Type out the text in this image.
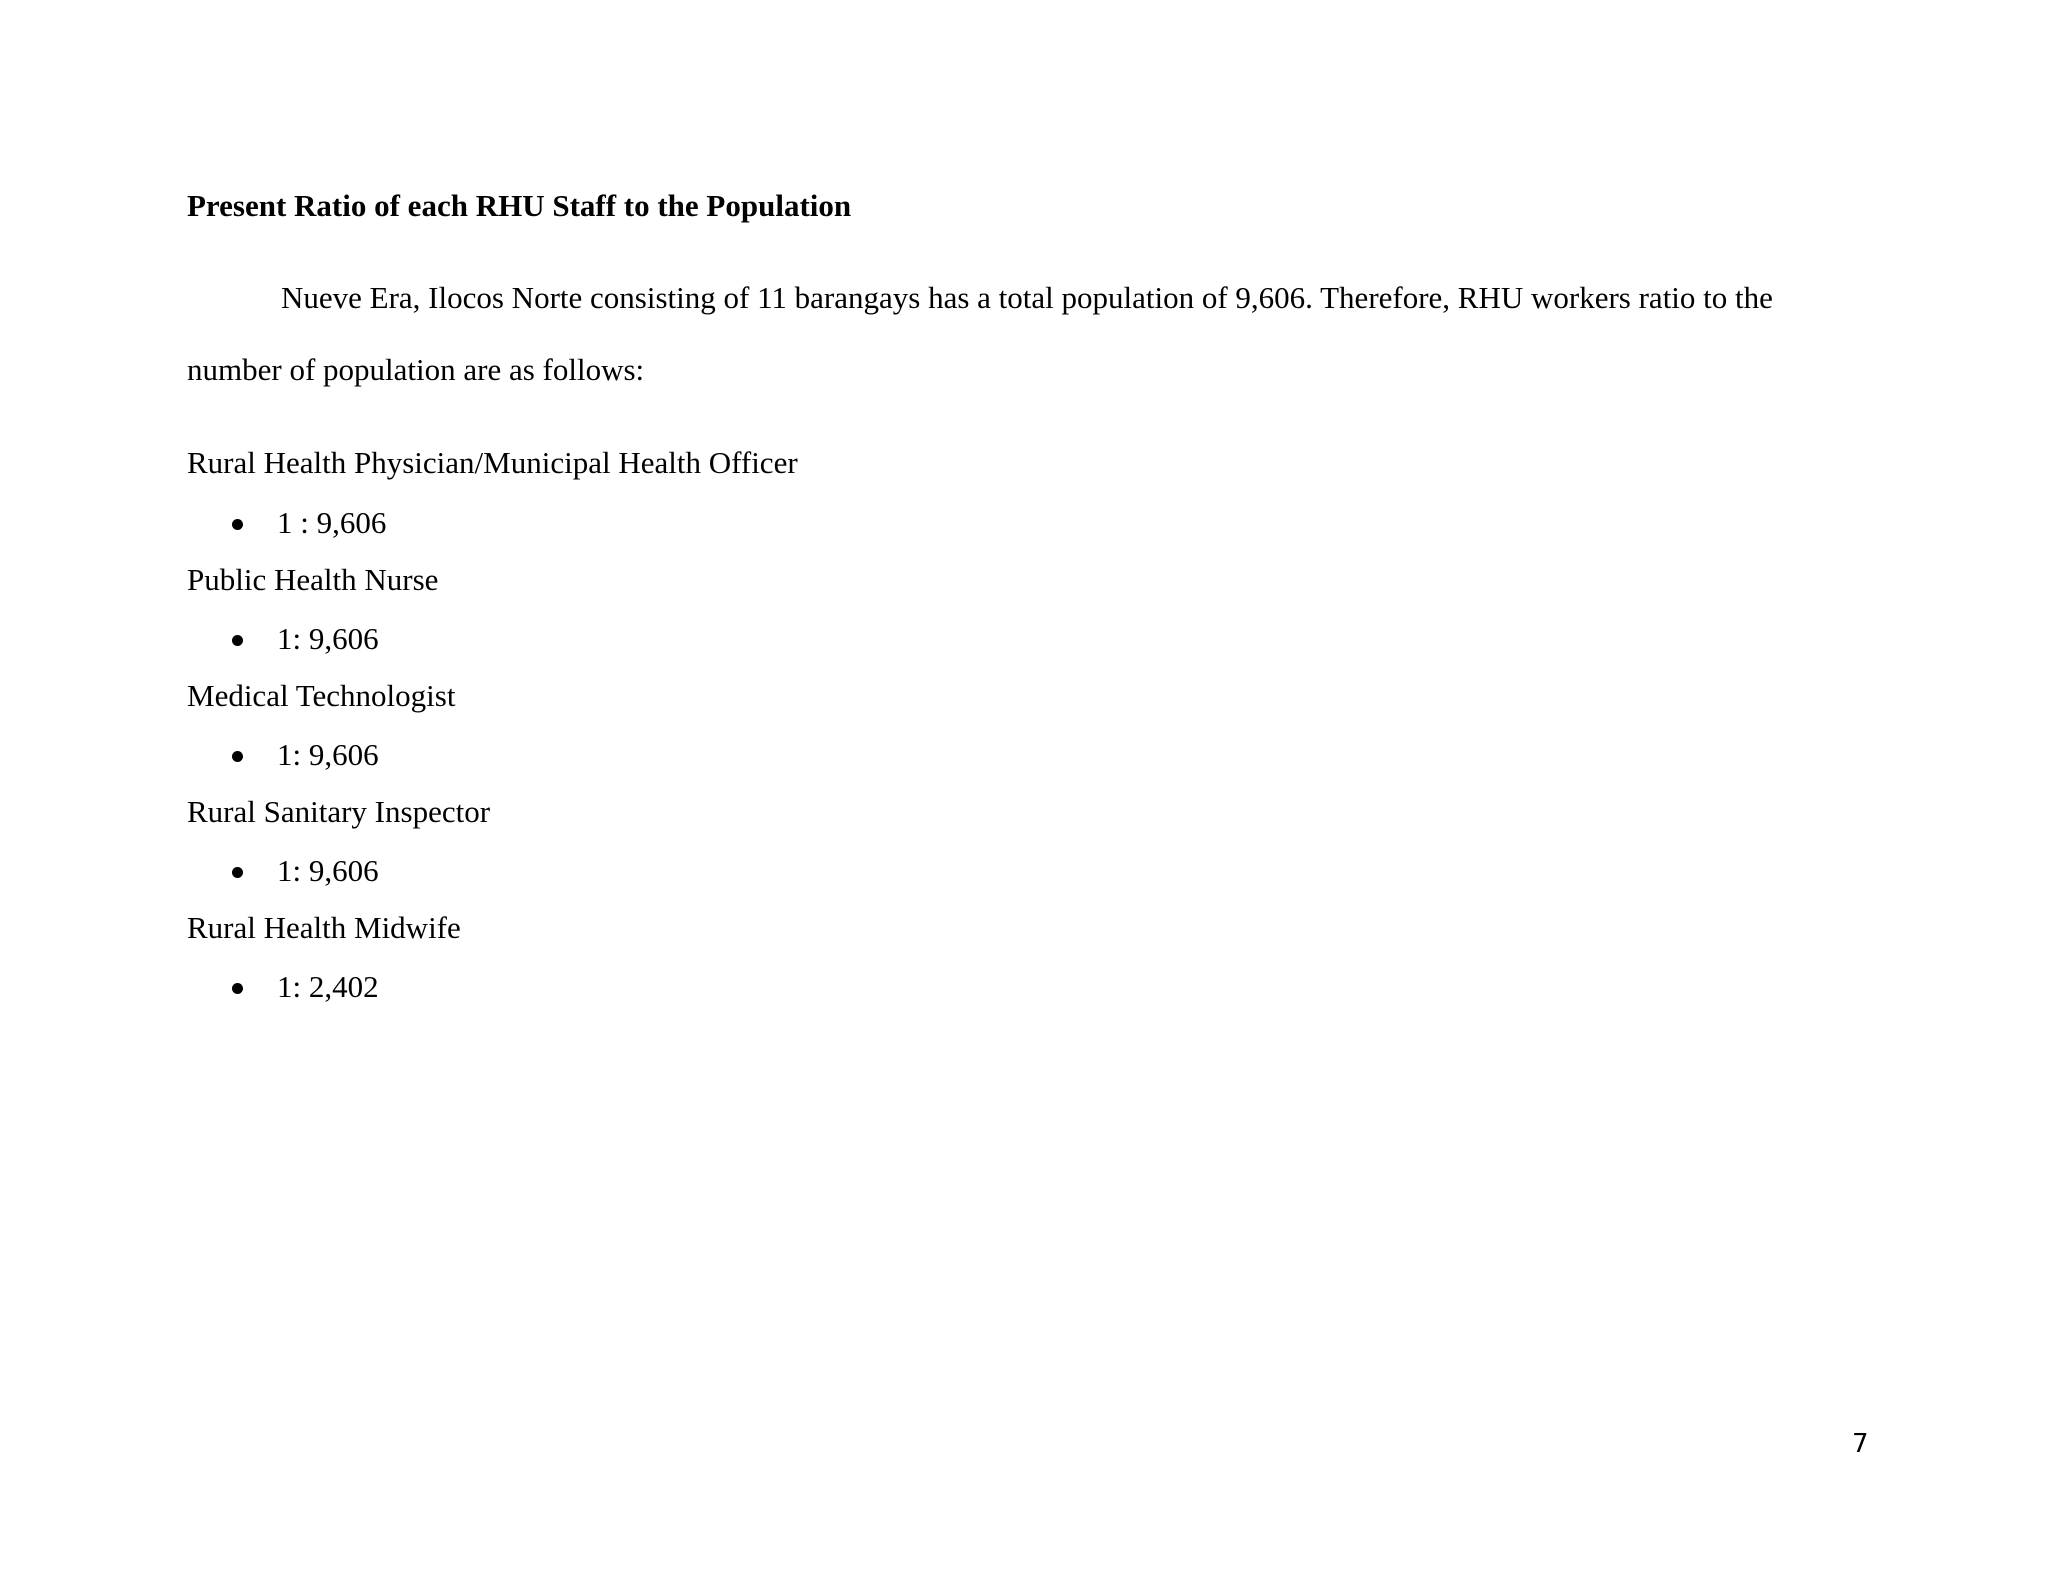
Present Ratio of each RHU Staff to the Population
Nueve Era, Ilocos Norte consisting of 11 barangays has a total population of 9,606. Therefore, RHU workers ratio to the
number of population are as follows:
Rural Health Physician/Municipal Health Officer
1 : 9,606
Public Health Nurse
1: 9,606
Medical Technologist
1: 9,606
Rural Sanitary Inspector
1: 9,606
Rural Health Midwife
1: 2,402
7
